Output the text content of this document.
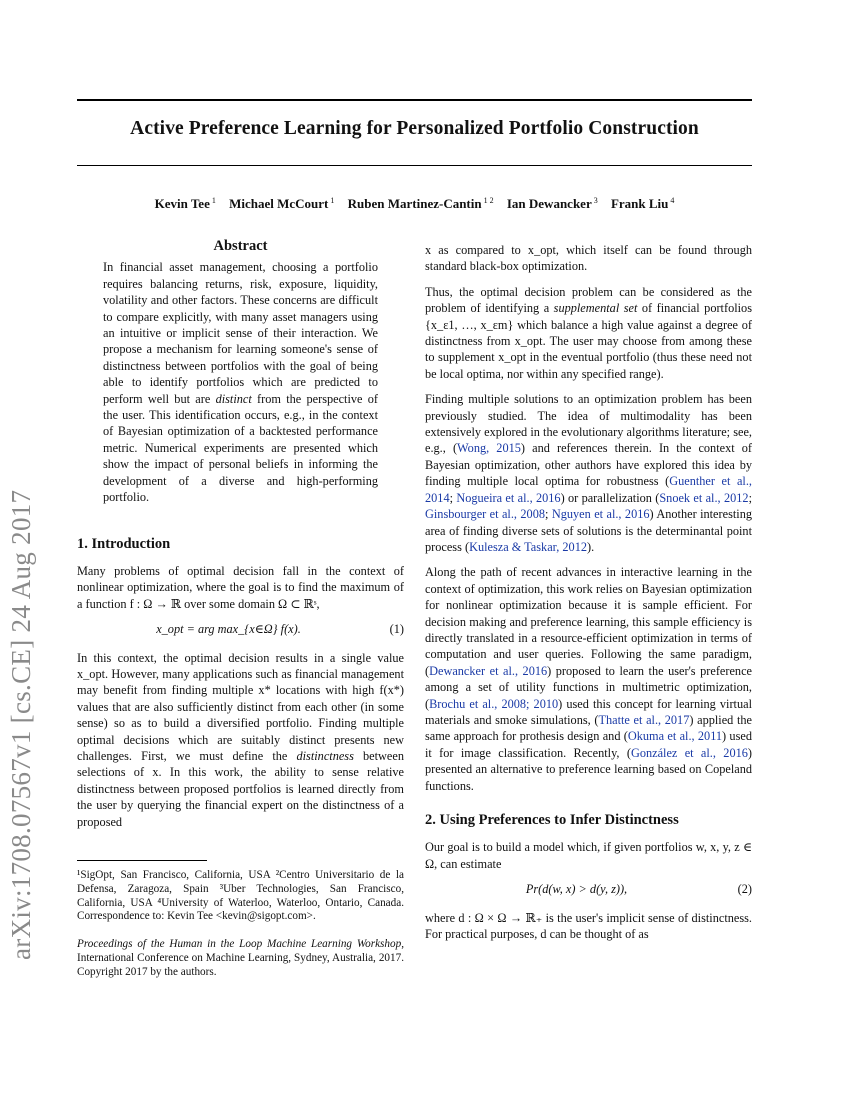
Active Preference Learning for Personalized Portfolio Construction
Kevin Tee $^1$ Michael McCourt $^1$ Ruben Martinez-Cantin $^{1 2}$ Ian Dewancker $^3$ Frank Liu $^4$
arXiv:1708.07567v1 [cs.CE] 24 Aug 2017
Abstract
In financial asset management, choosing a portfolio requires balancing returns, risk, exposure, liquidity, volatility and other factors. These concerns are difficult to compare explicitly, with many asset managers using an intuitive or implicit sense of their interaction. We propose a mechanism for learning someone's sense of distinctness between portfolios with the goal of being able to identify portfolios which are predicted to perform well but are distinct from the perspective of the user. This identification occurs, e.g., in the context of Bayesian optimization of a backtested performance metric. Numerical experiments are presented which show the impact of personal beliefs in informing the development of a diverse and high-performing portfolio.
1. Introduction

Many problems of optimal decision fall in the context of nonlinear optimization, where the goal is to find the maximum of a function f : Ω → ℝ over some domain Ω ⊂ ℝˢ,

x_opt = arg max_{x∈Ω} f(x).	(1)

In this context, the optimal decision results in a single value x_opt. However, many applications such as financial management may benefit from finding multiple x* locations with high f(x*) values that are also sufficiently distinct from each other (in some sense) so as to build a diversified portfolio. Finding multiple optimal decisions which are suitably distinct presents new challenges. First, we must define the distinctness between selections of x. In this work, the ability to sense relative distinctness between proposed portfolios is learned directly from the user by querying the financial expert on the distinctness of a proposed

¹SigOpt, San Francisco, California, USA ²Centro Universitario de la Defensa, Zaragoza, Spain ³Uber Technologies, San Francisco, California, USA ⁴University of Waterloo, Waterloo, Ontario, Canada. Correspondence to: Kevin Tee <kevin@sigopt.com>.

Proceedings of the Human in the Loop Machine Learning Workshop, International Conference on Machine Learning, Sydney, Australia, 2017. Copyright 2017 by the authors.

x as compared to x_opt, which itself can be found through standard black-box optimization.

Thus, the optimal decision problem can be considered as the problem of identifying a supplemental set of financial portfolios {x_ε1, …, x_εm} which balance a high value against a degree of distinctness from x_opt. The user may choose from among these to supplement x_opt in the eventual portfolio (thus these need not be local optima, nor within any specified range).

Finding multiple solutions to an optimization problem has been previously studied. The idea of multimodality has been extensively explored in the evolutionary algorithms literature; see, e.g., (Wong, 2015) and references therein. In the context of Bayesian optimization, other authors have explored this idea by finding multiple local optima for robustness (Guenther et al., 2014; Nogueira et al., 2016) or parallelization (Snoek et al., 2012; Ginsbourger et al., 2008; Nguyen et al., 2016) Another interesting area of finding diverse sets of solutions is the determinantal point process (Kulesza & Taskar, 2012).

Along the path of recent advances in interactive learning in the context of optimization, this work relies on Bayesian optimization for nonlinear optimization because it is sample efficient. For decision making and preference learning, this sample efficiency is directly translated in a resource-efficient optimization in terms of computation and user queries. Following the same paradigm, (Dewancker et al., 2016) proposed to learn the user's preference among a set of utility functions in multimetric optimization, (Brochu et al., 2008; 2010) used this concept for learning virtual materials and smoke simulations, (Thatte et al., 2017) applied the same approach for prothesis design and (Okuma et al., 2011) used it for image classification. Recently, (González et al., 2016) presented an alternative to preference learning based on Copeland functions.

2. Using Preferences to Infer Distinctness

Our goal is to build a model which, if given portfolios w, x, y, z ∈ Ω, can estimate

Pr(d(w, x) > d(y, z)),	(2)

where d : Ω × Ω → ℝ₊ is the user's implicit sense of distinctness. For practical purposes, d can be thought of as
